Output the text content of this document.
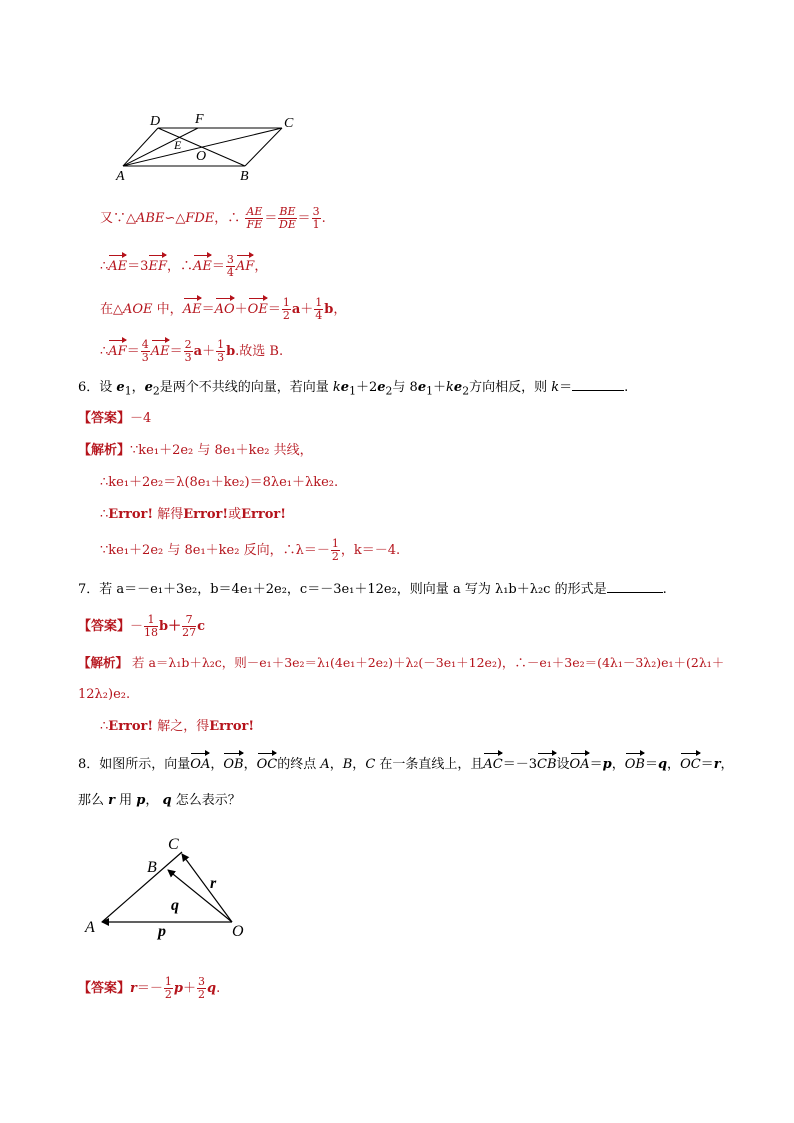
D F	C
E
O
A	B
又∵△ABE∽△FDE，∴ $\frac{AE}{FE} = \frac{BE}{DE} = \frac{3}{1}$ .
∴AE＝3EF，∴AE＝ $\frac{3}{4}$ AF，
在△AOE 中，$AE=AO+OE= \frac{1}{2} a+ \frac{1}{4}$ b，
∴AF＝ $\frac{4}{3} AE= \frac{2}{3} a+ \frac{1}{3} b$.故选 B.
6．设 $e_1$，$e_2$是两个不共线的向量，若向量 $ke_1+2e_2$与 $8e_1+ke_2$方向相反，则 k＝	.
【答案】－4
【解析】∵ke₁＋2e₂ 与 8e₁＋ke₂ 共线，
∴ke₁＋2e₂＝λ(8e₁＋ke₂)＝8λe₁＋λke₂.
∴Error! 解得Error!或Error!
∵ke₁＋2e₂ 与 8e₁＋ke₂ 反向，∴λ＝－ $\frac{1}{2}$ ，k＝－4.
7．若 a＝－e₁＋3e₂，b＝4e₁＋2e₂，c＝－3e₁＋12e₂，则向量 a 写为 λ₁b＋λ₂c 的形式是	.
【答案】－ $\frac{1}{18} b+ \frac{7}{27}$ c
【解析】 若 a＝λ₁b＋λ₂c，则－e₁＋3e₂＝λ₁(4e₁＋2e₂)＋λ₂(－3e₁＋12e₂)，∴－e₁＋3e₂＝(4λ₁－3λ₂)e₁＋(2λ₁＋
12λ₂)e₂.
∴Error! 解之，得Error!
8．如图所示，向量OA，OB，OC的终点 A，B，C 在一条直线上，且AC＝－3CB设OA＝p，OB＝q，OC＝r，
那么 r 用 p， q 怎么表示？
C
B
A	O
r
q
p
【答案】$r=- \frac{1}{2} p+ \frac{3}{2} q$.
